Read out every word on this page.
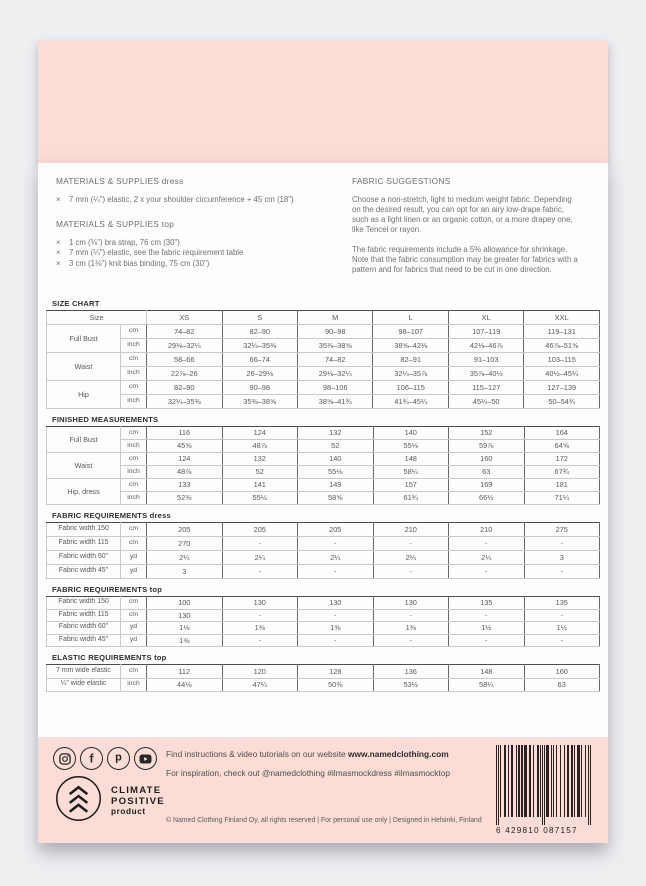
MATERIALS & SUPPLIES dress
×	7 mm (¼") elastic, 2 x your shoulder circumference + 45 cm (18")
MATERIALS & SUPPLIES top
×	1 cm (⅜") bra strap, 76 cm (30")
×	7 mm (¼") elastic, see the fabric requirement table
×	3 cm (1⅛") knit bias binding, 75 cm (30")
FABRIC SUGGESTIONS

Choose a non-stretch, light to medium weight fabric. Depending on the desired result, you can opt for an airy low-drape fabric, such as a light linen or an organic cotton, or a more drapey one, like Tencel or rayon.

The fabric requirements include a 5% allowance for shrinkage. Note that the fabric consumption may be greater for fabrics with a pattern and for fabrics that need to be cut in one direction.

SIZE CHART
Size		XS	S	M	L	XL	XXL
Full Bust	cm	74–82	82–90	90–98	98–107	107–119	119–131
	inch	29⅛–32¼	32¼–35⅜	35⅜–38⅝	38⅝–42⅛	42⅛–46⅞	46⅞–51⅝
Waist	cm	58–66	66–74	74–82	82–91	91–103	103–115
	inch	22⅞–26	26–29⅛	29⅛–32¼	32¼–35⅞	35⅞–40½	40½–45¼
Hip	cm	82–90	90–98	98–106	106–115	115–127	127–139
	inch	32¼–35⅜	35⅜–38⅝	38⅝–41¾	41¾–45¼	45¼–50	50–54¾
FINISHED MEASUREMENTS
Full Bust	cm	116	124	132	140	152	164
	inch	45⅝	48⅞	52	55⅛	59⅞	64⅝
Waist	cm	124	132	140	148	160	172
	inch	48⅞	52	55⅛	58¼	63	67¾
Hip, dress	cm	133	141	149	157	169	181
	inch	52⅜	55½	58⅝	61¾	66½	71¼
FABRIC REQUIREMENTS dress
Fabric width 150	cm	205	205	205	210	210	275
Fabric width 115	cm	270	-	-	-	-	-
Fabric width 60"	yd	2¼	2¼	2¼	2¼	2¼	3
Fabric width 45"	yd	3	-	-	-	-	-
FABRIC REQUIREMENTS top
Fabric width 150	cm	100	130	130	130	135	135
Fabric width 115	cm	130	-	-	-	-	-
Fabric width 60"	yd	1⅛	1⅜	1⅜	1⅜	1½	1½
Fabric width 45"	yd	1⅜	-	-	-	-	-
ELASTIC REQUIREMENTS top
7 mm wide elastic	cm	112	120	128	136	148	160
¼" wide elastic	inch	44⅛	47¼	50⅜	53½	58¼	63
f p	Find instructions & video tutorials on our website www.namedclothing.com
For inspiration, check out @namedclothing #ilmasmockdress #ilmasmocktop
CLIMATE
POSITIVE
product
© Named Clothing Finland Oy, all rights reserved | For personal use only | Designed in Helsinki, Finland
6 429810 087157
